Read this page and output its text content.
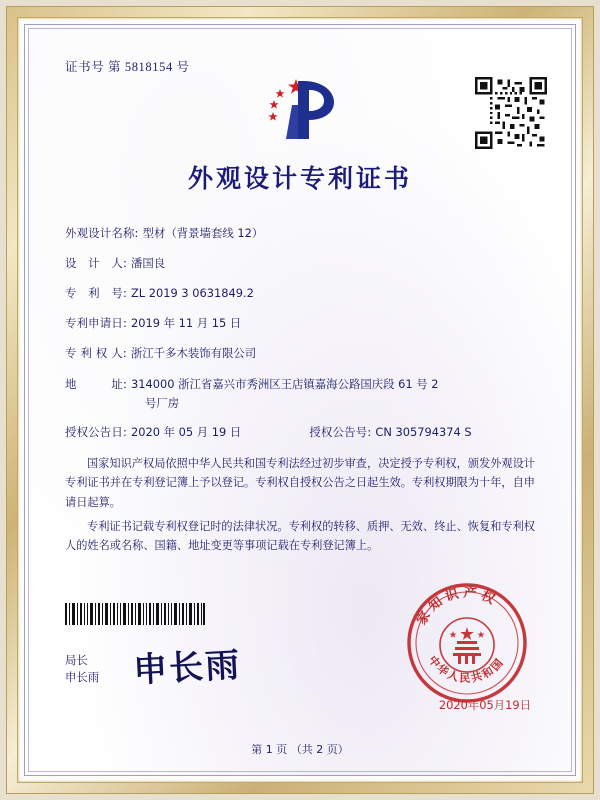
证书号 第 5818154 号
外观设计专利证书
外观设计名称: 型材（背景墙套线 12）
设　计　人: 潘国良
专　利　号: ZL 2019 3 0631849.2
专利申请日: 2019 年 11 月 15 日
专 利 权 人: 浙江千多木装饰有限公司
地　　　址: 314000 浙江省嘉兴市秀洲区王店镇嘉海公路国庆段 61 号 2
号厂房
授权公告日: 2020 年 05 月 19 日	授权公告号: CN 305794374 S
国家知识产权局依照中华人民共和国专利法经过初步审查，决定授予专利权，颁发外观设计专利证书并在专利登记簿上予以登记。专利权自授权公告之日起生效。专利权期限为十年，自申请日起算。
专利证书记载专利权登记时的法律状况。专利权的转移、质押、无效、终止、恢复和专利权人的姓名或名称、国籍、地址变更等事项记载在专利登记簿上。
局长
申长雨 申长雨
家知识产权
中华人民共和国
2020年05月19日
第 1 页 （共 2 页）
